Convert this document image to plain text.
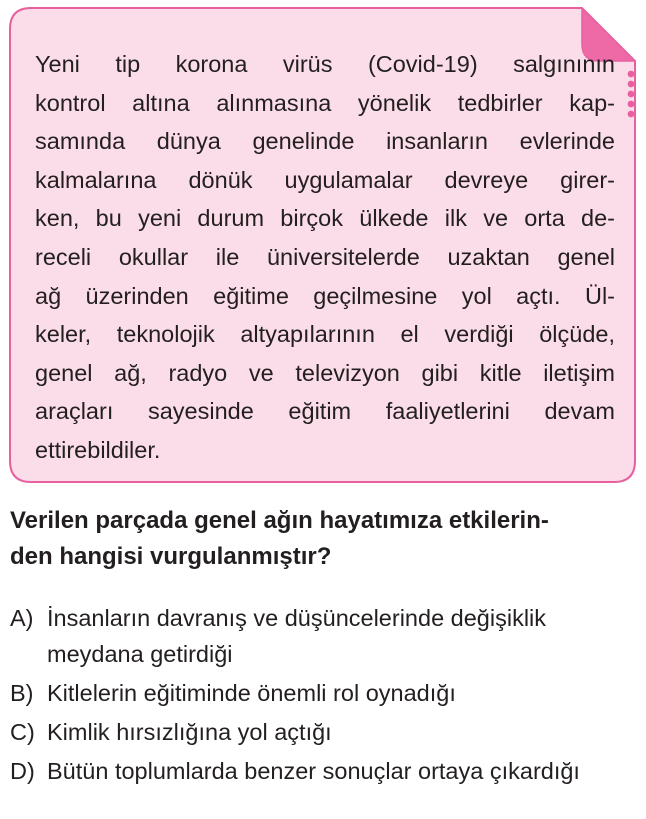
Yeni tip korona virüs (Covid-19) salgınının
kontrol altına alınmasına yönelik tedbirler kap-
samında dünya genelinde insanların evlerinde
kalmalarına dönük uygulamalar devreye girer-
ken, bu yeni durum birçok ülkede ilk ve orta de-
receli okullar ile üniversitelerde uzaktan genel
ağ üzerinden eğitime geçilmesine yol açtı. Ül-
keler, teknolojik altyapılarının el verdiği ölçüde,
genel ağ, radyo ve televizyon gibi kitle iletişim
araçları sayesinde eğitim faaliyetlerini devam
ettirebildiler.
Verilen parçada genel ağın hayatımıza etkilerin-
den hangisi vurgulanmıştır?
A) İnsanların davranış ve düşüncelerinde değişiklik
meydana getirdiği
B) Kitlelerin eğitiminde önemli rol oynadığı
C) Kimlik hırsızlığına yol açtığı
D) Bütün toplumlarda benzer sonuçlar ortaya çıkardığı
